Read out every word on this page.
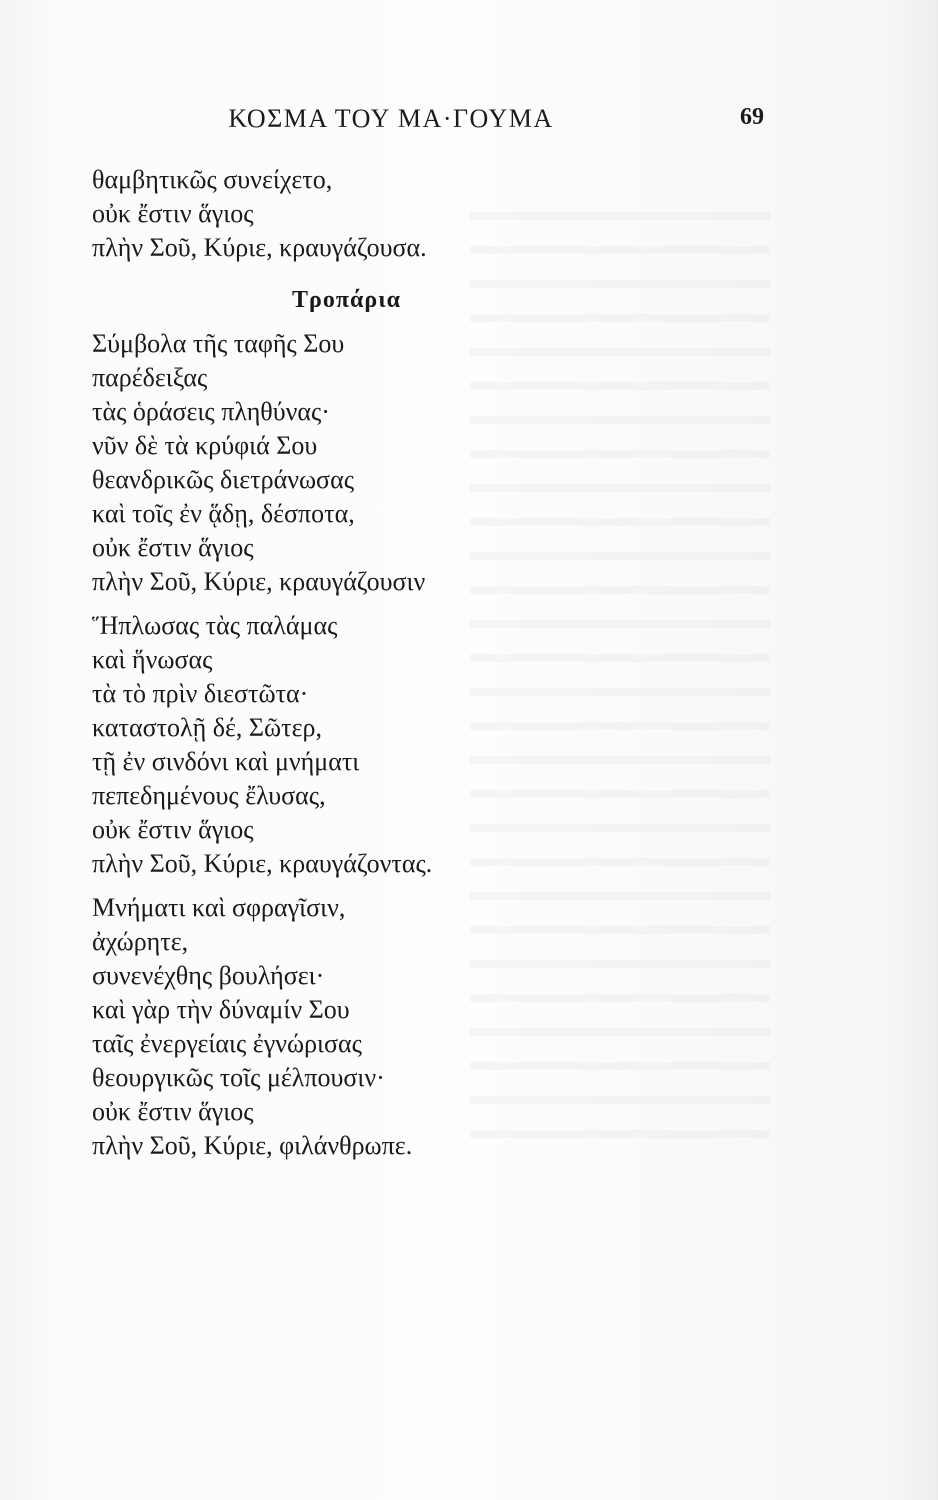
ΚΟΣΜΑ ΤΟΥ ΜΑ·ΓΟΥΜΑ	69
θαμβητικῶς συνείχετο,
οὐκ ἔστιν ἅγιος
πλὴν Σοῦ, Κύριε, κραυγάζουσα.
Τροπάρια
Σύμβολα τῆς ταφῆς Σου
παρέδειξας
τὰς ὁράσεις πληθύνας·
νῦν δὲ τὰ κρύφιά Σου
θεανδρικῶς διετράνωσας
καὶ τοῖς ἐν ᾅδῃ, δέσποτα,
οὐκ ἔστιν ἅγιος
πλὴν Σοῦ, Κύριε, κραυγάζουσιν
Ἥπλωσας τὰς παλάμας
καὶ ἥνωσας
τὰ τὸ πρὶν διεστῶτα·
καταστολῇ δέ, Σῶτερ,
τῇ ἐν σινδόνι καὶ μνήματι
πεπεδημένους ἔλυσας,
οὐκ ἔστιν ἅγιος
πλὴν Σοῦ, Κύριε, κραυγάζοντας.
Μνήματι καὶ σφραγῖσιν,
ἀχώρητε,
συνενέχθης βουλήσει·
καὶ γὰρ τὴν δύναμίν Σου
ταῖς ἐνεργείαις ἐγνώρισας
θεουργικῶς τοῖς μέλπουσιν·
οὐκ ἔστιν ἅγιος
πλὴν Σοῦ, Κύριε, φιλάνθρωπε.
